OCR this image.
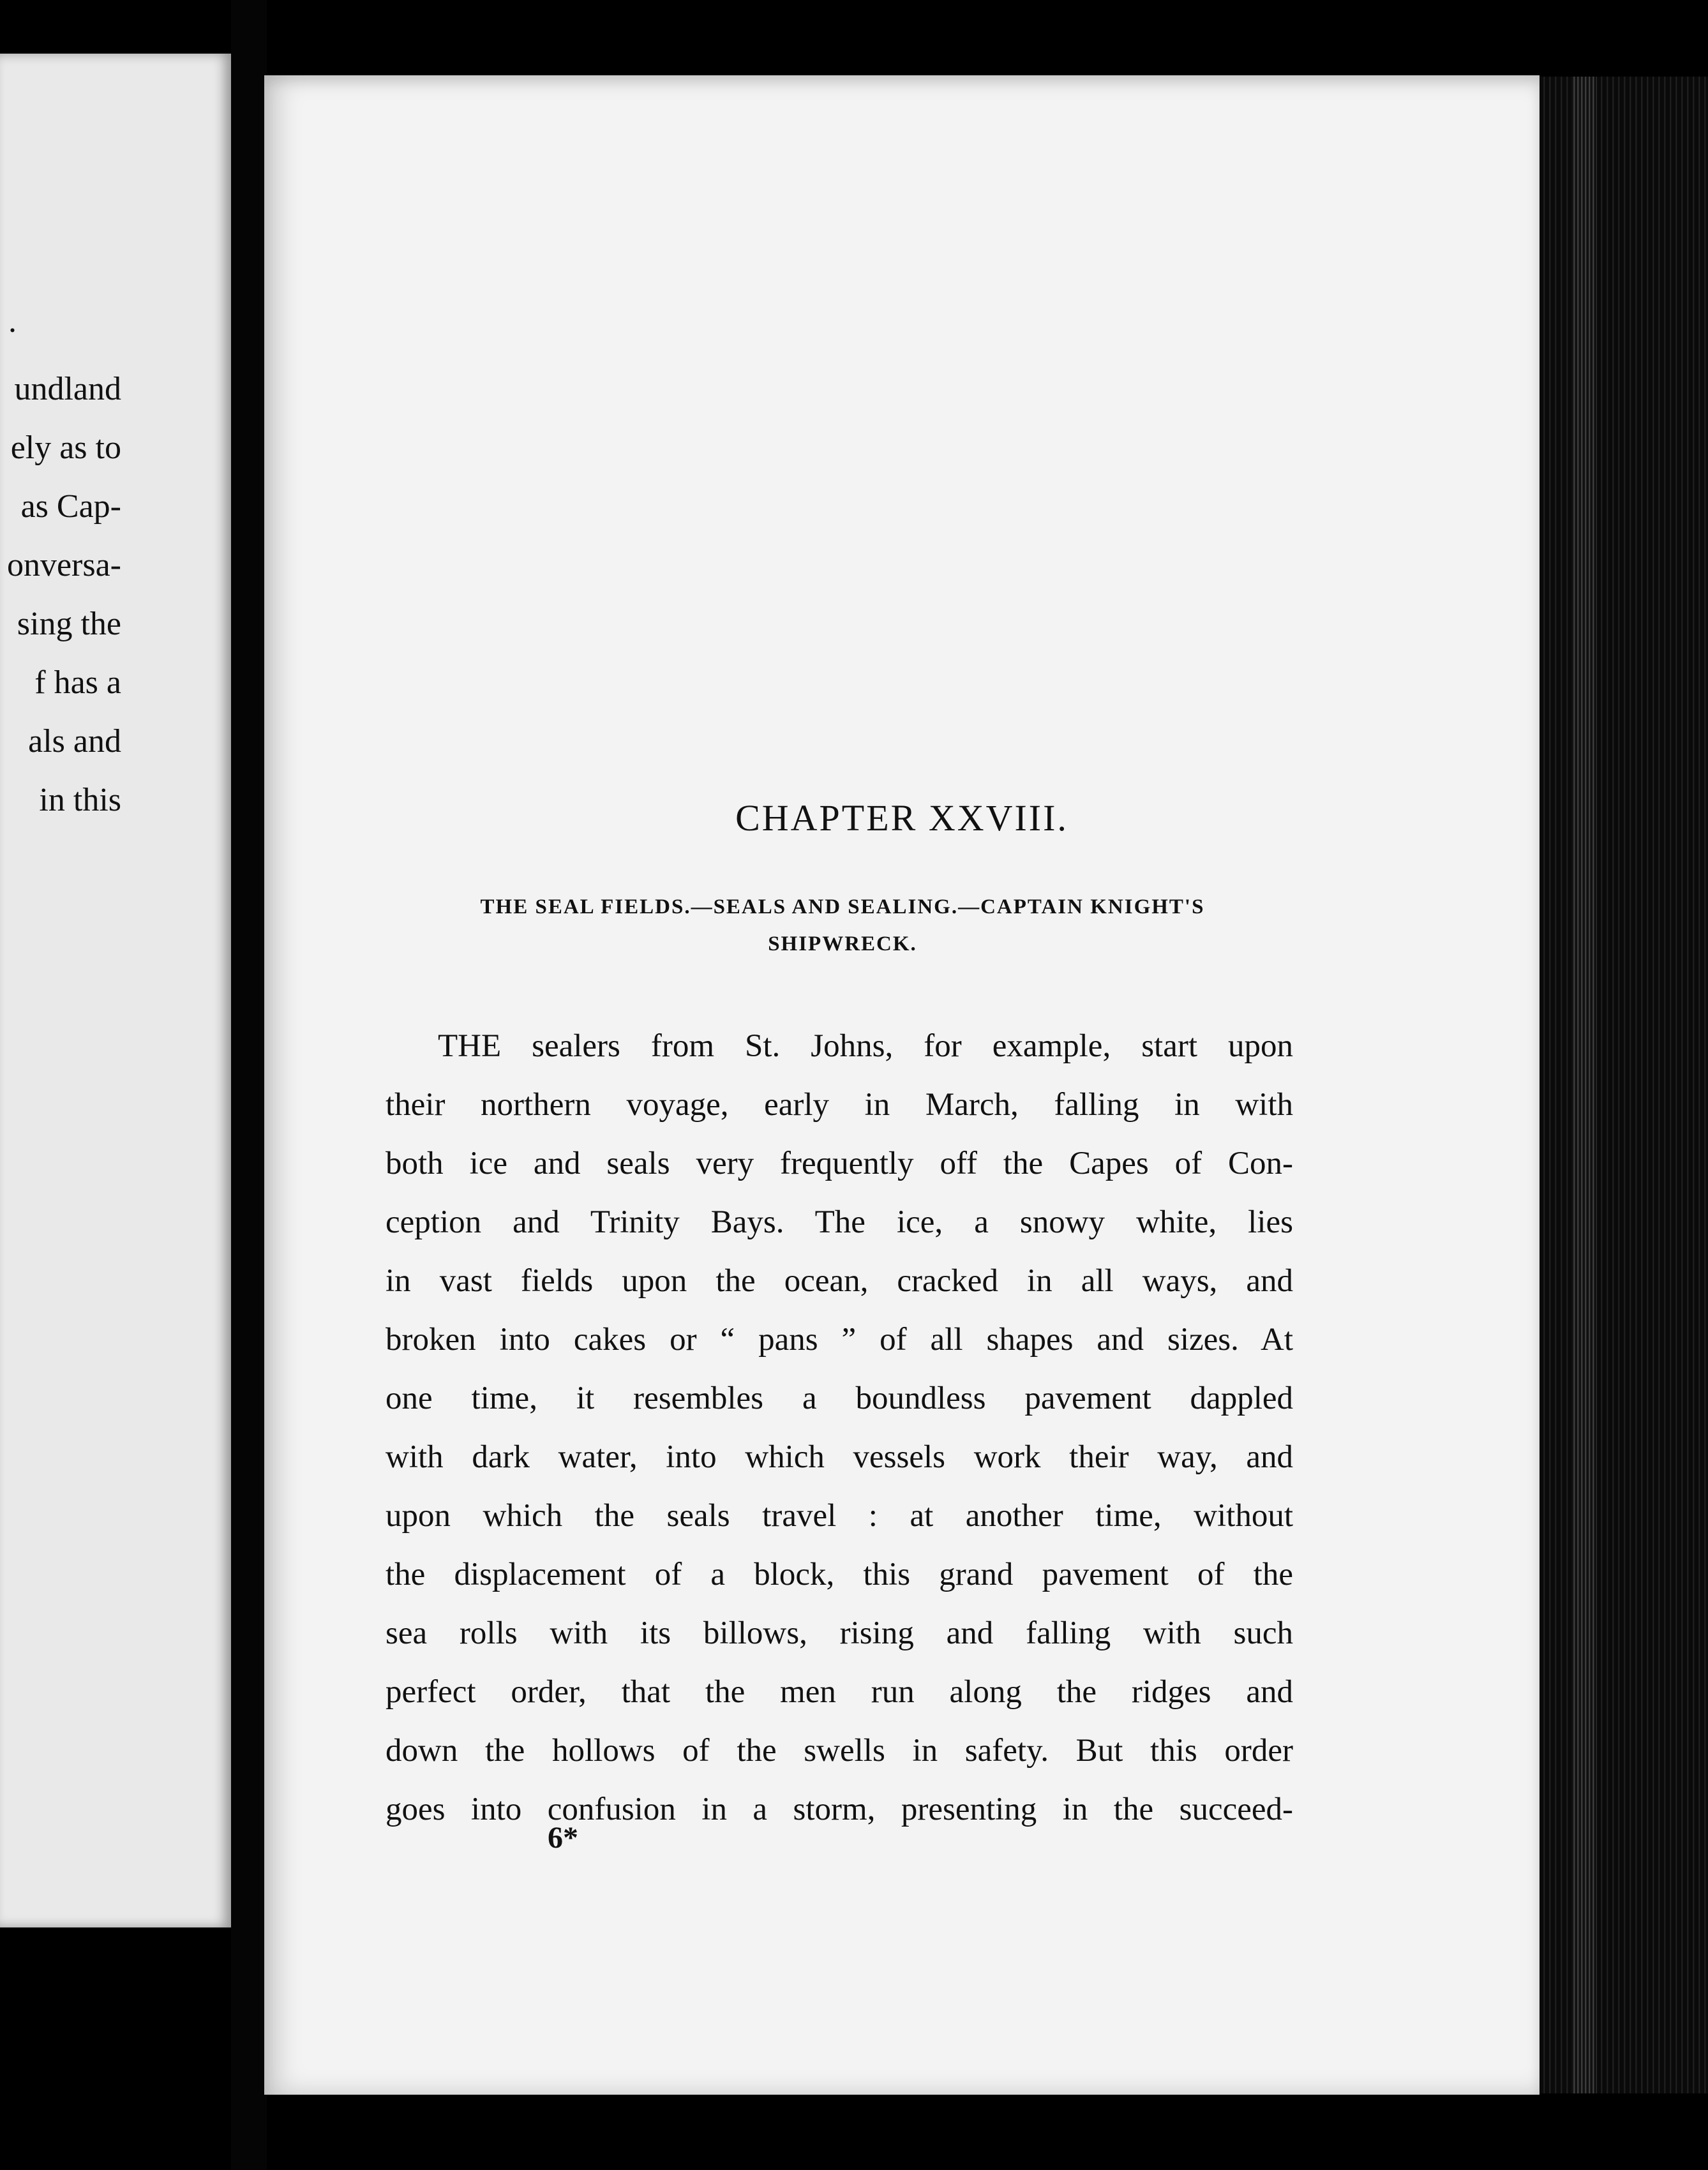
.
undland
ely as to
as Cap-
onversa-
sing the
f has a
als and
in this	CHAPTER XXVIII.
THE SEAL FIELDS.—SEALS AND SEALING.—CAPTAIN KNIGHT'S
SHIPWRECK.
THE sealers from St. Johns, for example, start upon
their northern voyage, early in March, falling in with
both ice and seals very frequently off the Capes of Con-
ception and Trinity Bays. The ice, a snowy white, lies
in vast fields upon the ocean, cracked in all ways, and
broken into cakes or “ pans ” of all shapes and sizes. At
one time, it resembles a boundless pavement dappled
with dark water, into which vessels work their way, and
upon which the seals travel : at another time, without
the displacement of a block, this grand pavement of the
sea rolls with its billows, rising and falling with such
perfect order, that the men run along the ridges and
down the hollows of the swells in safety. But this order
goes into confusion in a storm, presenting in the succeed-
6*
